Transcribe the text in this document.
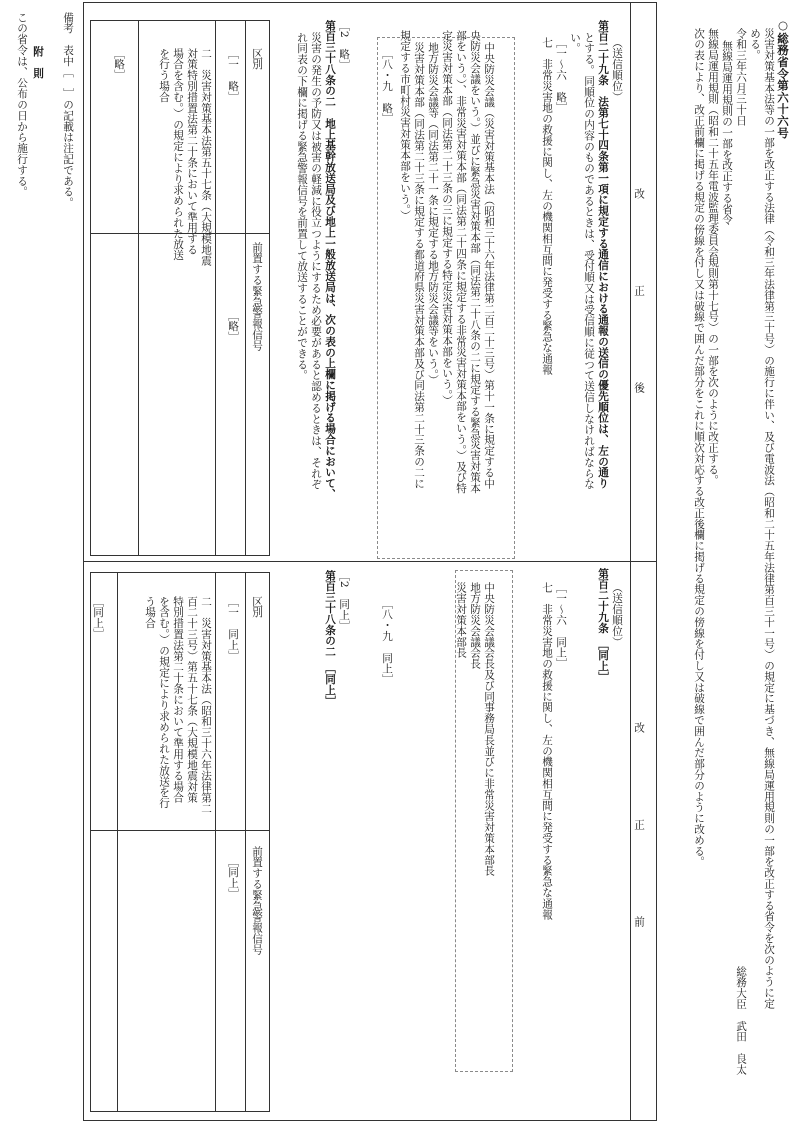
○総務省令第六十六号
災害対策基本法等の一部を改正する法律（令和三年法律第三十号）の施行に伴い、及び電波法（昭和二十五年法律第百三十一号）の規定に基づき、無線局運用規則の一部を改正する省令を次のように定
める。
令和三年六月三十日
総務大臣　武田　良太
無線局運用規則の一部を改正する省令
無線局運用規則（昭和二十五年電波監理委員会規則第十七号）の一部を次のように改正する。
次の表により、改正前欄に掲げる規定の傍線を付し又は破線で囲んだ部分をこれに順次対応する改正後欄に掲げる規定の傍線を付し又は破線で囲んだ部分のように改める。
改　正　後
改　正　前
（送信順位）
第百二十九条　法第七十四条第一項に規定する通信における通報の送信の優先順位は、左の通り
とする。同順位の内容のものであるときは、受付順又は受信順に従つて送信しなければならな
い。
［一～六　略］
七　非常災害地の救援に関し、左の機関相互間に発受する緊急な通報
中央防災会議（災害対策基本法（昭和三十六年法律第二百二十三号）第十一条に規定する中
央防災会議をいう。）並びに緊急災害対策本部（同法第二十八条の二に規定する緊急災害対策本
部をいう。）、非常災害対策本部（同法第二十四条に規定する非常災害対策本部をいう。）及び特
定災害対策本部（同法第二十三条の三に規定する特定災害対策本部をいう。）
地方防災会議等（同法第二十一条に規定する地方防災会議等をいう。）
災害対策本部（同法第二十三条に規定する都道府県災害対策本部及び同法第二十三条の二に
規定する市町村災害対策本部をいう。）
［八・九　略］
［2　略］
第百三十八条の二　地上基幹放送局及び地上一般放送局は、次の表の上欄に掲げる場合において、
災害の発生の予防又は被害の軽減に役立つようにするため必要があると認めるときは、それぞ
れ同表の下欄に掲げる緊急警報信号を前置して放送することができる。
区別
前置する緊急警報信号
［一　略］
［略］
二　災害対策基本法第五十七条（大規模地震
対策特別措置法第二十条において準用する
場合を含む。）の規定により求められた放送
を行う場合
［略］
（送信順位）
第百二十九条　［同上］
［一～六　同上］
七　非常災害地の救援に関し、左の機関相互間に発受する緊急な通報
中央防災会議会長及び同事務局長並びに非常災害対策本部長
地方防災会議会長
災害対策本部長
［八・九　同上］
［2　同上］
第百三十八条の二　［同上］
区別
前置する緊急警報信号
［一　同上］
［同上］
二　災害対策基本法（昭和三十六年法律第二
百二十三号）第五十七条（大規模地震対策
特別措置法第二十条において準用する場合
を含む。）の規定により求められた放送を行
う場合
［同上］
備考　表中［　］の記載は注記である。
附　則
この省令は、公布の日から施行する。
